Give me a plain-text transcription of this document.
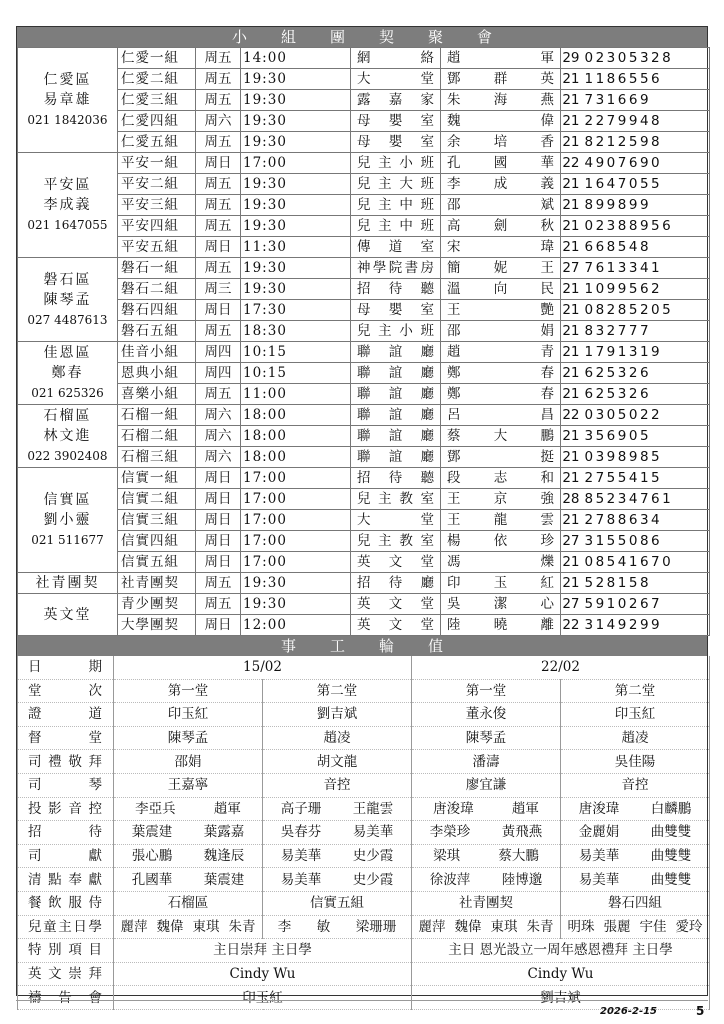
小組團契聚會
仁愛區
易章雄
021 1842036	仁愛一組	周五	14:00	網絡	趙軍	29	02305328
	仁愛二組	周五	19:30	大堂	鄧群英	21	1186556
	仁愛三組	周五	19:30	露嘉家	朱海燕	21	731669
	仁愛四組	周六	19:30	母嬰室	魏偉	21	2279948
	仁愛五組	周五	19:30	母嬰室	余培香	21	8212598

平安區
李成義
021 1647055	平安一組	周日	17:00	兒主小班	孔國華	22	4907690
	平安二組	周五	19:30	兒主大班	李成義	21	1647055
	平安三組	周五	19:30	兒主中班	邵斌	21	899899
	平安四組	周五	19:30	兒主中班	高劍秋	21	02388956
	平安五組	周日	11:30	傳道室	宋瑋	21	668548

磐石區
陳琴孟
027 4487613	磐石一組	周五	19:30	神學院書房	簡妮王	27	7613341
	磐石二組	周三	19:30	招待聽	溫向民	21	1099562
	磐石四組	周日	17:30	母嬰室	王艷	21	08285205
	磐石五組	周五	18:30	兒主小班	邵娟	21	832777

佳恩區
鄭春
021 625326	佳音小組	周四	10:15	聯誼廳	趙青	21	1791319
	恩典小組	周四	10:15	聯誼廳	鄭春	21	625326
	喜樂小組	周五	11:00	聯誼廳	鄭春	21	625326

石榴區
林文進
022 3902408	石榴一組	周六	18:00	聯誼廳	呂昌	22	0305022
	石榴二組	周六	18:00	聯誼廳	蔡大鵬	21	356905
	石榴三組	周六	18:00	聯誼廳	鄧挺	21	0398985

信實區
劉小靈
021 511677	信實一組	周日	17:00	招待聽	段志和	21	2755415
	信實二組	周日	17:00	兒主教室	王京強	28	85234761
	信實三組	周日	17:00	大堂	王龍雲	21	2788634
	信實四組	周日	17:00	兒主教室	楊依珍	27	3155086
	信實五組	周日	17:00	英文堂	馮爍	21	08541670

社青團契	社青團契	周五	19:30	招待廳	印玉紅	21	528158

英文堂	青少團契	周五	19:30	英文堂	吳潔心	27	5910267
	大學團契	周日	12:00	英文堂	陸曉離	22	3149299
事工輪值
日期	15/02		22/02	
堂次	第一堂	第二堂	第一堂	第二堂
證道	印玉紅	劉吉斌	董永俊	印玉紅
督堂	陳琴孟	趙凌	陳琴孟	趙凌
司禮敬拜	邵娟	胡文龍	潘濤	吳佳陽
司琴	王嘉寧	音控	廖宜謙	音控
投影音控	李亞兵 趙軍	高子珊 王龍雲	唐浚瑋 趙軍	唐浚瑋 白麟鵬

招待	葉震建 葉露嘉	吳春芬 易美華	李榮珍 黃飛燕	金麗娟 曲雙雙

司獻	張心鵬 魏逢辰	易美華 史少霞	梁琪 蔡大鵬	易美華 曲雙雙

清點奉獻	孔國華 葉震建	易美華 史少霞	徐波萍 陸博邈	易美華 曲雙雙

餐飲服侍	石榴區	信實五組	社青團契	磐石四組
兒童主日學	麗萍 魏偉 東琪 朱青	李 敏 梁珊珊	麗萍 魏偉 東琪 朱青	明珠 張麗 宇佳 愛玲

特別項目	主日崇拜 主日學		主日 恩光設立一周年感恩禮拜 主日學	
英文崇拜	Cindy Wu		Cindy Wu	
禱告會	印玉紅		劉吉斌	
2026-2-15	5
